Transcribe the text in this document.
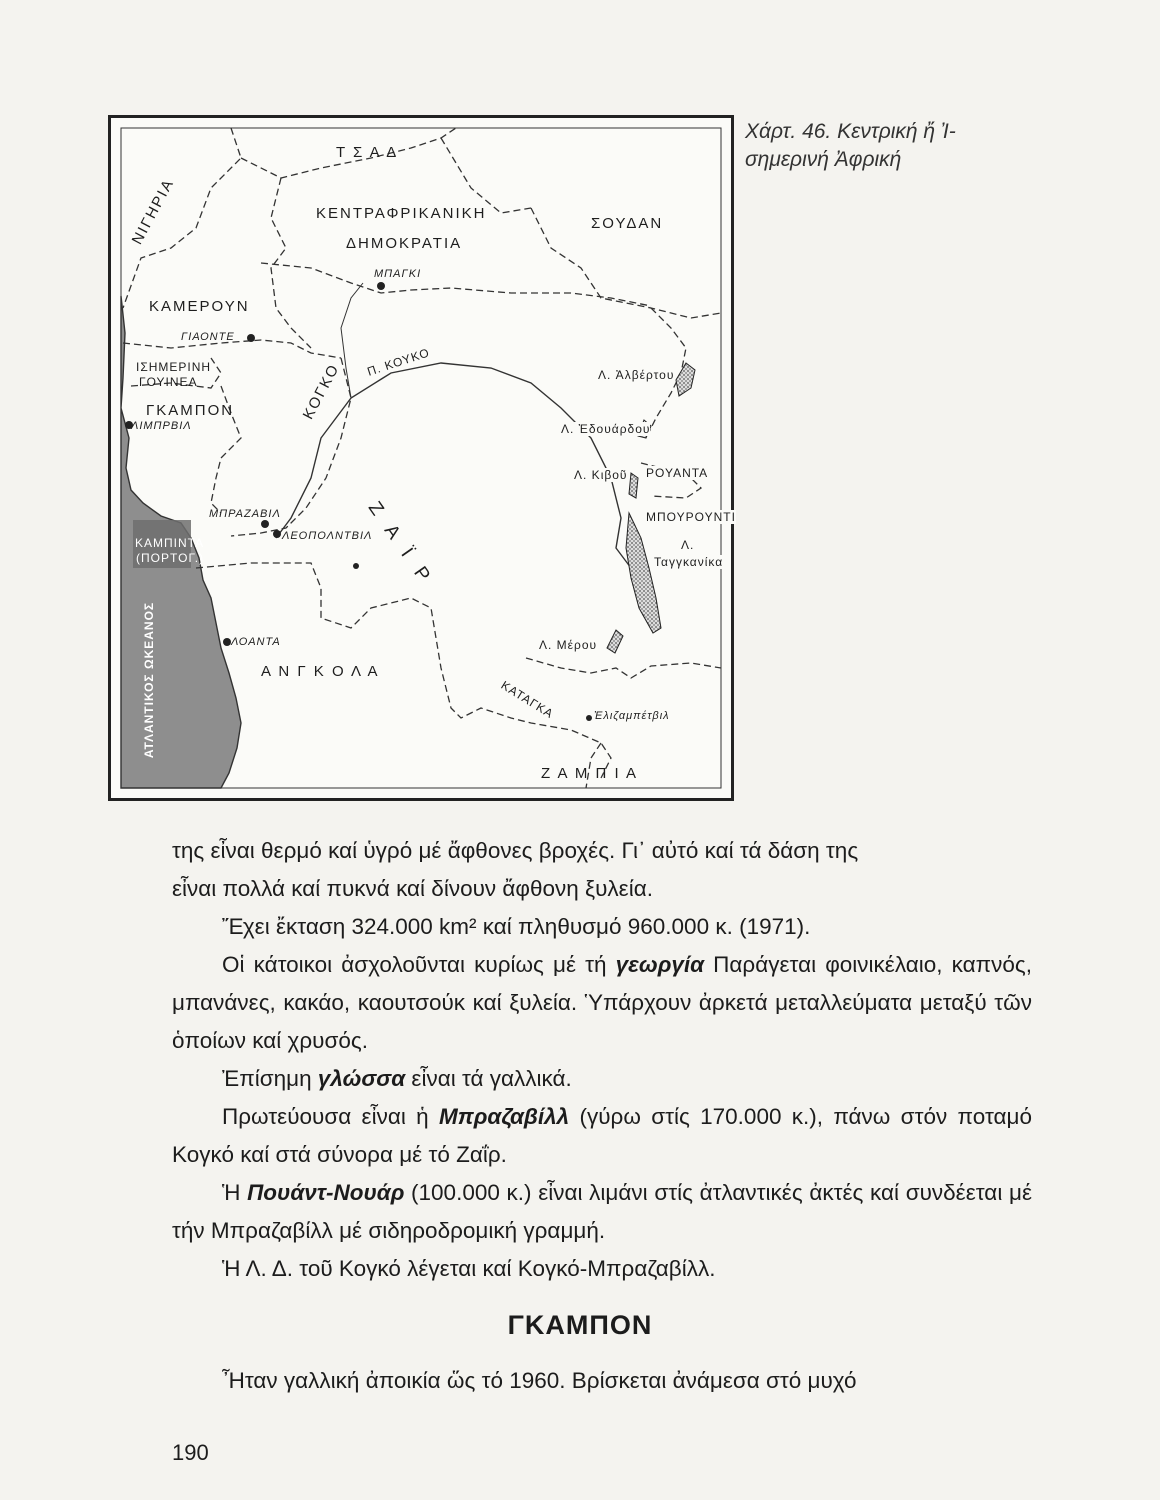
Τ Σ Α Δ
ΝΙΓΗΡΙΑ	ΚΕΝΤΡΑΦΡΙΚΑΝΙΚΗ
ΔΗΜΟΚΡΑΤΙΑ
ΣΟΥΔΑΝ
ΜΠΑΓΚΙ
ΚΑΜΕΡΟΥΝ
ΓΙΑΟΝΤΕ
ΙΣΗΜΕΡΙΝΗ
ΓΟΥΙΝΕΑ
ΓΚΑΜΠΟΝ
ΛΙΜΠΡΒΙΛ
ΚΟΓΚΟ Π. ΚΟΥΚΟ	Λ. Ἀλβέρτου
Λ. Ἐδουάρδου
Λ. Κιβοῦ ΡΟΥΑΝΤΑ
ΜΠΟΥΡΟΥΝΤΙ
Λ.
Ταγγκανίκα
Ζ Α Ϊ Ρ
ΜΠΡΑΖΑΒΙΛ
ΛΕΟΠΟΛΝΤΒΙΛ
ΚΑΜΠΙΝΤΑ
(ΠΟΡΤΟΓ.)
ΑΤΛΑΝΤΙΚΟΣ ΩΚΕΑΝΟΣ	ΛΟΑΝΤΑ
Α Ν Γ Κ Ο Λ Α
Λ. Μέρου
ΚΑΤΑΓΚΑ	Ἐλιζαμπέτβιλ
Ζ Α Μ Π Ι Α
Χάρτ. 46. Κεντρική ἤ Ἰ-
σημερινή Ἀφρική

της εἶναι θερμό καί ὑγρό μέ ἄφθονες βροχές. Γι᾽ αὐτό καί τά δάση της

εἶναι πολλά καί πυκνά καί δίνουν ἄφθονη ξυλεία.

Ἔχει ἔκταση 324.000 km² καί πληθυσμό 960.000 κ. (1971).

Οἱ κάτοικοι ἀσχολοῦνται κυρίως μέ τή γεωργία Παράγεται φοινικέλαιο, καπνός, μπανάνες, κακάο, καουτσούκ καί ξυλεία. Ὑπάρχουν ἀρκετά μεταλλεύματα μεταξύ τῶν ὁποίων καί χρυσός.

Ἐπίσημη γλώσσα εἶναι τά γαλλικά.

Πρωτεύουσα εἶναι ἡ Μπραζαβίλλ (γύρω στίς 170.000 κ.), πάνω στόν ποταμό Κογκό καί στά σύνορα μέ τό Ζαΐρ.

Ἡ Πουάντ-Νουάρ (100.000 κ.) εἶναι λιμάνι στίς ἀτλαντικές ἀκτές καί συνδέεται μέ τήν Μπραζαβίλλ μέ σιδηροδρομική γραμμή.

Ἡ Λ. Δ. τοῦ Κογκό λέγεται καί Κογκό-Μπραζαβίλλ.

ΓΚΑΜΠΟΝ

Ἦταν γαλλική ἀποικία ὥς τό 1960. Βρίσκεται ἀνάμεσα στό μυχό

190
